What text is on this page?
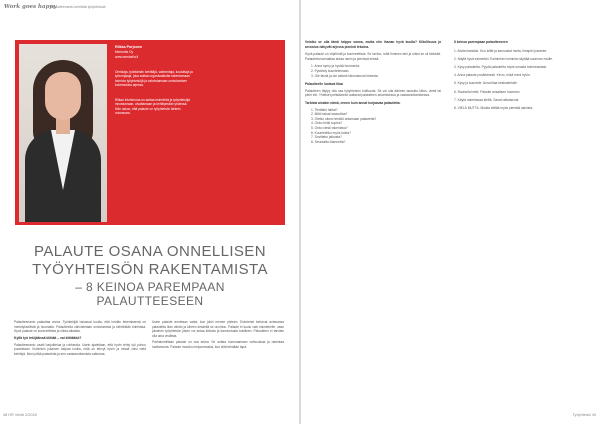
Work goes happy
Palautteenanto kehittää työyhteisöä
Riikka Porjonen
Mentorila Oy
www.mentorila.fi
Omistaja, työelämän kehittäjä, valmentaja, kouluttaja ja työnohjaaja, joka auttaa organisaatioita rakentamaan toimivia työyhteisöjä ja vahvistamaan onnistumisen kokemuksia arjessa.
Riikan intohimona on auttaa esimiehiä ja työyhteisöjä innostumaan, oivaltamaan ja kehittymään yhdessä. Hän uskoo, että palaute on työyhteisön tärkein voimavara.
PALAUTE OSANA ONNELLISEN
TYÖYHTEISÖN RAKENTAMISTA
– 8 KEINOA PAREMPAAN
PALAUTTEESEEN

Palautteenanto palauttaa arvoa. Työntekijät haluavat kuulla, että heidän tekemisensä on merkityksellistä ja huomattu. Palautteella vahvistetaan onnistumisia ja kehitetään toimintaa. Hyvä palaute on konkreettista ja oikea-aikaista.

Kyllä työ tekijäänsä kiittää – vai kiittääkö?

Palautteenanto vaatii harjoittelua ja rohkeutta. Usein ajatellaan, että hyvin tehty työ puhuu puolestaan. Kuitenkin jokainen kaipaa kuulla, mitä on tehnyt hyvin ja missä voisi vielä kehittyä. Moni pitää palautetta ja sen vastaanottamista vaikeana.

Usein palaute annetaan vasta, kun jokin menee pieleen. Esimiehet kertovat antavansa palautetta liian vähän ja kiireen keskellä se unohtuu. Palaute ei kuulu vain esimiehelle, vaan jokainen työyhteisön jäsen voi antaa kiitosta ja kannustusta toisilleen. Palautteen ei tarvitse olla aina virallista.

Parhaimmillaan palaute on osa arkea. Se auttaa huomaamaan vahvuuksia ja rakentaa luottamusta. Palaute muuttuu helpommaksi, kun siitä tehdään tapa.

48 HR Viesti 2/2018

Voisiko se olla tämä helppo sanoa, mutta niin ihanan hyvä kuulla? Kiitollisuus ja arvostus näkyvät arjessa pieninä tekoina.

Hyvä palaute on vilpitöntä ja konkreettista. Se kertoo, mitä ihminen teki ja miksi se oli tärkeää. Palautetta kannattaa antaa usein ja pienissä erissä.

1. Anna hymy ja hyvää huomenta.
2. Pysähdy kuuntelemaan.
3. Ole läsnä ja ole aidosti kiinnostunut toisesta.

Palautteelle luotava tilaa

Palautteen täytyy olla osa työyhteisön kulttuuria. Se voi olla ääneen lausuttu kiitos, viesti tai pieni ele. Yhteiset pelisäännöt auttavat palautteen antamisessa ja vastaanottamisessa.

Tarkista ainakin nämä, ennen kuin annat korjaavaa palautetta:

1. Tiedätkö faktat?
2. Mitä haluat saavuttaa?
3. Oletko oikea henkilö antamaan palautetta?
4. Onko hetki sopiva?
5. Onko viesti rakentava?
6. Kuunteletko myös toista?
7. Sovitteko jatkosta?
8. Seuraatko tilannetta?

8 keinoa parempaan palautteeseen

1. Aloita itsestäsi. Kun kiität ja kannustat muita, ilmapiiri paranee.
2. Näytä hyvä esimerkki. Esimiehen toiminta näyttää suunnan muille.
3. Kysy palautetta. Pyydä palautetta myös omasta toiminnastasi.
4. Anna palaute positiivisesti. Kerro, mikä meni hyvin.
5. Kysy ja kuuntele. Anna tilaa keskustelulle.
6. Rauhoita hetki. Palaute ansaitsee huomion.
7. Käytä rakentavaa kieltä. Sanat ratkaisevat.
8. VIELÄ MUTTA. Muista kiittää myös pienistä asioista.
Työyhteisö 49
